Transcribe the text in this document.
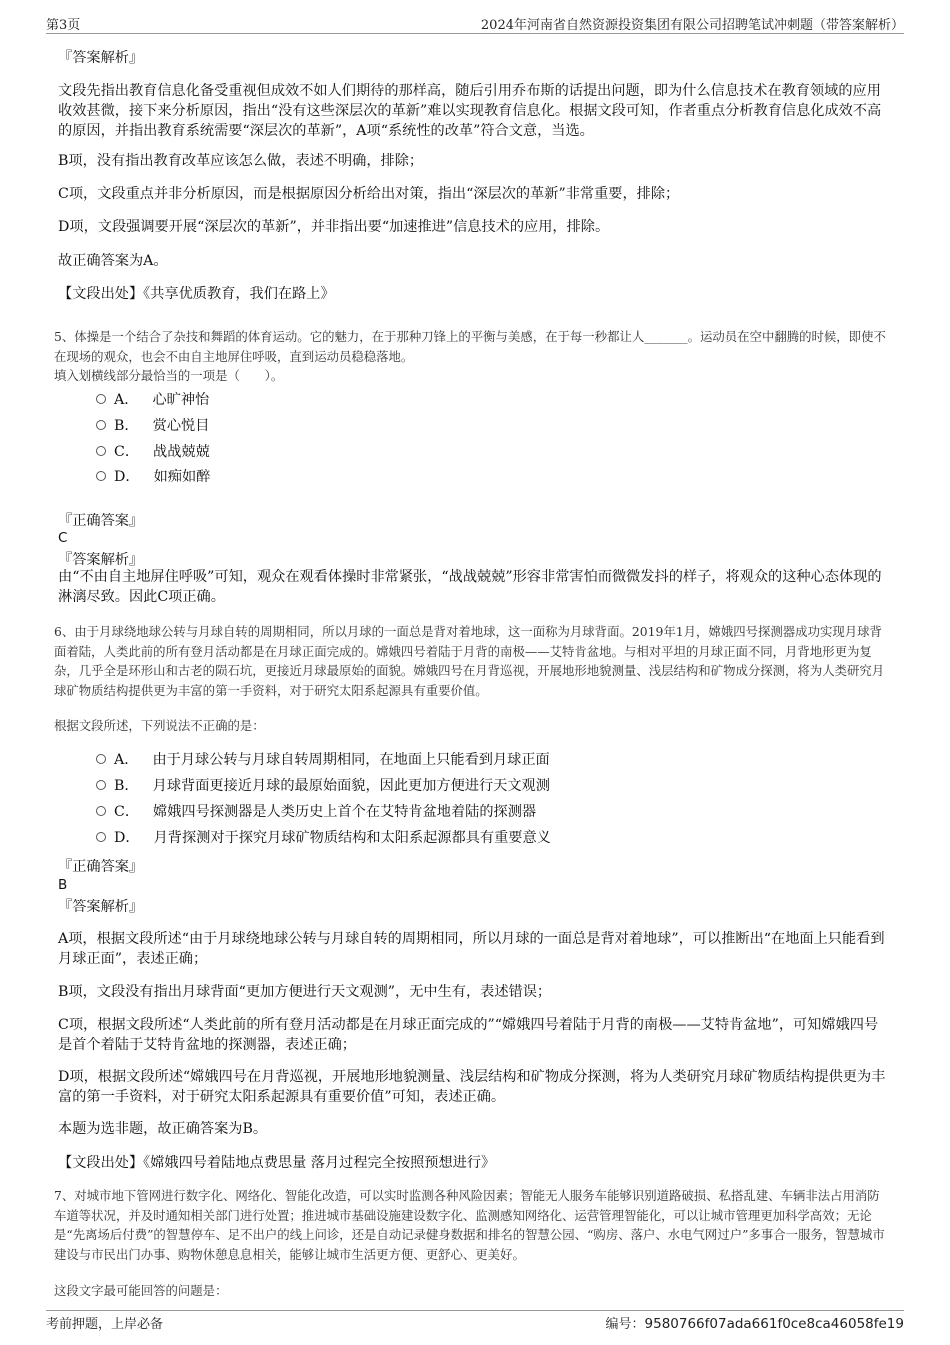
第3页	2024年河南省自然资源投资集团有限公司招聘笔试冲刺题（带答案解析）

『答案解析』

文段先指出教育信息化备受重视但成效不如人们期待的那样高，随后引用乔布斯的话提出问题，即为什么信息技术在教育领域的应用收效甚微，接下来分析原因，指出“没有这些深层次的革新”难以实现教育信息化。根据文段可知，作者重点分析教育信息化成效不高的原因，并指出教育系统需要“深层次的革新”，A项“系统性的改革”符合文意，当选。

B项，没有指出教育改革应该怎么做，表述不明确，排除；

C项，文段重点并非分析原因，而是根据原因分析给出对策，指出“深层次的革新”非常重要，排除；

D项，文段强调要开展“深层次的革新”，并非指出要“加速推进”信息技术的应用，排除。

故正确答案为A。

【文段出处】《共享优质教育，我们在路上》

5、体操是一个结合了杂技和舞蹈的体育运动。它的魅力，在于那种刀锋上的平衡与美感，在于每一秒都让人_______。运动员在空中翻腾的时候，即使不在现场的观众，也会不由自主地屏住呼吸，直到运动员稳稳落地。

填入划横线部分最恰当的一项是（　　）。

A． 心旷神怡
B． 赏心悦目
C． 战战兢兢
D． 如痴如醉

『正确答案』

C

『答案解析』

由“不由自主地屏住呼吸”可知，观众在观看体操时非常紧张，“战战兢兢”形容非常害怕而微微发抖的样子，将观众的这种心态体现的淋漓尽致。因此C项正确。

6、由于月球绕地球公转与月球自转的周期相同，所以月球的一面总是背对着地球，这一面称为月球背面。2019年1月，嫦娥四号探测器成功实现月球背面着陆，人类此前的所有登月活动都是在月球正面完成的。嫦娥四号着陆于月背的南极——艾特肯盆地。与相对平坦的月球正面不同，月背地形更为复杂，几乎全是环形山和古老的陨石坑，更接近月球最原始的面貌。嫦娥四号在月背巡视，开展地形地貌测量、浅层结构和矿物成分探测，将为人类研究月球矿物质结构提供更为丰富的第一手资料，对于研究太阳系起源具有重要价值。

根据文段所述，下列说法不正确的是：

A． 由于月球公转与月球自转周期相同，在地面上只能看到月球正面
B． 月球背面更接近月球的最原始面貌，因此更加方便进行天文观测
C． 嫦娥四号探测器是人类历史上首个在艾特肯盆地着陆的探测器
D． 月背探测对于探究月球矿物质结构和太阳系起源都具有重要意义

『正确答案』

B

『答案解析』

A项，根据文段所述“由于月球绕地球公转与月球自转的周期相同，所以月球的一面总是背对着地球”，可以推断出“在地面上只能看到月球正面”，表述正确；

B项，文段没有指出月球背面“更加方便进行天文观测”，无中生有，表述错误；

C项，根据文段所述“人类此前的所有登月活动都是在月球正面完成的”“嫦娥四号着陆于月背的南极——艾特肯盆地”，可知嫦娥四号是首个着陆于艾特肯盆地的探测器，表述正确；

D项，根据文段所述“嫦娥四号在月背巡视，开展地形地貌测量、浅层结构和矿物成分探测，将为人类研究月球矿物质结构提供更为丰富的第一手资料，对于研究太阳系起源具有重要价值”可知，表述正确。

本题为选非题，故正确答案为B。

【文段出处】《嫦娥四号着陆地点费思量 落月过程完全按照预想进行》

7、对城市地下管网进行数字化、网络化、智能化改造，可以实时监测各种风险因素；智能无人服务车能够识别道路破损、私搭乱建、车辆非法占用消防车道等状况，并及时通知相关部门进行处置；推进城市基础设施建设数字化、监测感知网络化、运营管理智能化，可以让城市管理更加科学高效；无论是“先离场后付费”的智慧停车、足不出户的线上问诊，还是自动记录健身数据和排名的智慧公园、“购房、落户、水电气网过户”多事合一服务，智慧城市建设与市民出门办事、购物休憩息息相关，能够让城市生活更方便、更舒心、更美好。

这段文字最可能回答的问题是：

考前押题，上岸必备	编号：9580766f07ada661f0ce8ca46058fe19
